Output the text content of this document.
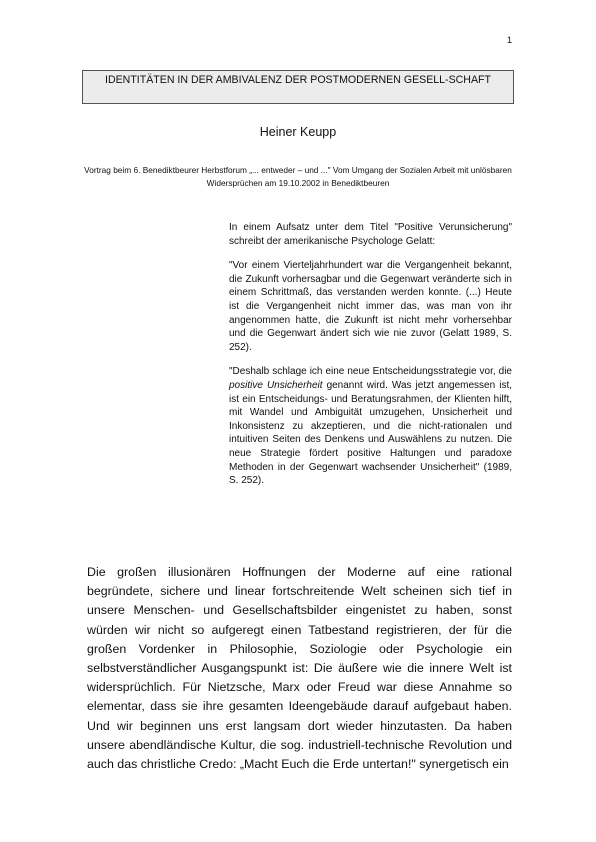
1
IDENTITÄTEN IN DER AMBIVALENZ DER POSTMODERNEN GESELL-SCHAFT
Heiner Keupp
Vortrag beim 6. Benediktbeurer Herbstforum „... entweder – und ..." Vom Umgang der Sozialen Arbeit mit unlösbaren Widersprüchen am 19.10.2002 in Benediktbeuren

In einem Aufsatz unter dem Titel "Positive Verunsicherung" schreibt der amerikanische Psychologe Gelatt:

"Vor einem Vierteljahrhundert war die Vergangenheit bekannt, die Zukunft vorhersagbar und die Gegenwart veränderte sich in einem Schrittmaß, das verstanden werden konnte. (...) Heute ist die Vergangenheit nicht immer das, was man von ihr angenommen hatte, die Zukunft ist nicht mehr vorhersehbar und die Gegenwart ändert sich wie nie zuvor (Gelatt 1989, S. 252).

"Deshalb schlage ich eine neue Entscheidungsstrategie vor, die positive Unsicherheit genannt wird. Was jetzt angemessen ist, ist ein Entscheidungs- und Beratungsrahmen, der Klienten hilft, mit Wandel und Ambiguität umzugehen, Unsicherheit und Inkonsistenz zu akzeptieren, und die nicht-rationalen und intuitiven Seiten des Denkens und Auswählens zu nutzen. Die neue Strategie fördert positive Haltungen und paradoxe Methoden in der Gegenwart wachsender Unsicherheit" (1989, S. 252).

Die großen illusionären Hoffnungen der Moderne auf eine rational begründete, sichere und linear fortschreitende Welt scheinen sich tief in unsere Menschen- und Gesellschaftsbilder eingenistet zu haben, sonst würden wir nicht so aufgeregt einen Tatbestand registrieren, der für die großen Vordenker in Philosophie, Soziologie oder Psychologie ein selbstverständlicher Ausgangspunkt ist: Die äußere wie die innere Welt ist widersprüchlich. Für Nietzsche, Marx oder Freud war diese Annahme so elementar, dass sie ihre gesamten Ideengebäude darauf aufgebaut haben. Und wir beginnen uns erst langsam dort wieder hinzutasten. Da haben unsere abendländische Kultur, die sog. industriell-technische Revolution und auch das christliche Credo: „Macht Euch die Erde untertan!" synergetisch ein
